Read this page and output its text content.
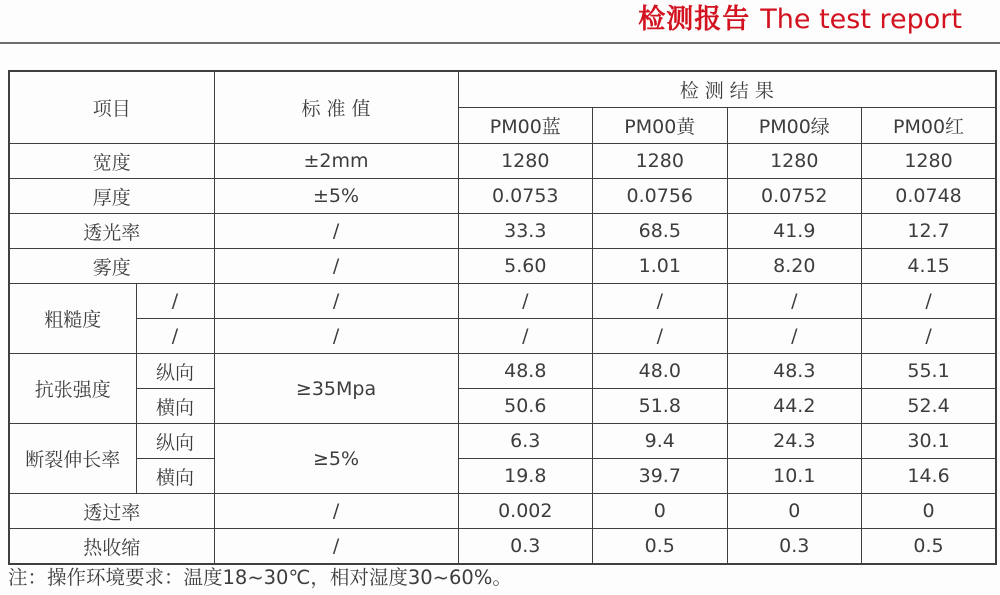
检测报告 The test report
项目		标 准 值	检 测 结 果			
			PM00蓝	PM00黄	PM00绿	PM00红
宽度		±2mm	1280	1280	1280	1280
厚度		±5%	0.0753	0.0756	0.0752	0.0748
透光率		/	33.3	68.5	41.9	12.7
雾度		/	5.60	1.01	8.20	4.15
粗糙度	/	/	/	/	/	/
	/	/	/	/	/	/
抗张强度	纵向	≥35Mpa	48.8	48.0	48.3	55.1
	横向		50.6	51.8	44.2	52.4
断裂伸长率	纵向	≥5%	6.3	9.4	24.3	30.1
	横向		19.8	39.7	10.1	14.6
透过率		/	0.002	0	0	0
热收缩		/	0.3	0.5	0.3	0.5
注：操作环境要求：温度18~30℃，相对湿度30~60%。
